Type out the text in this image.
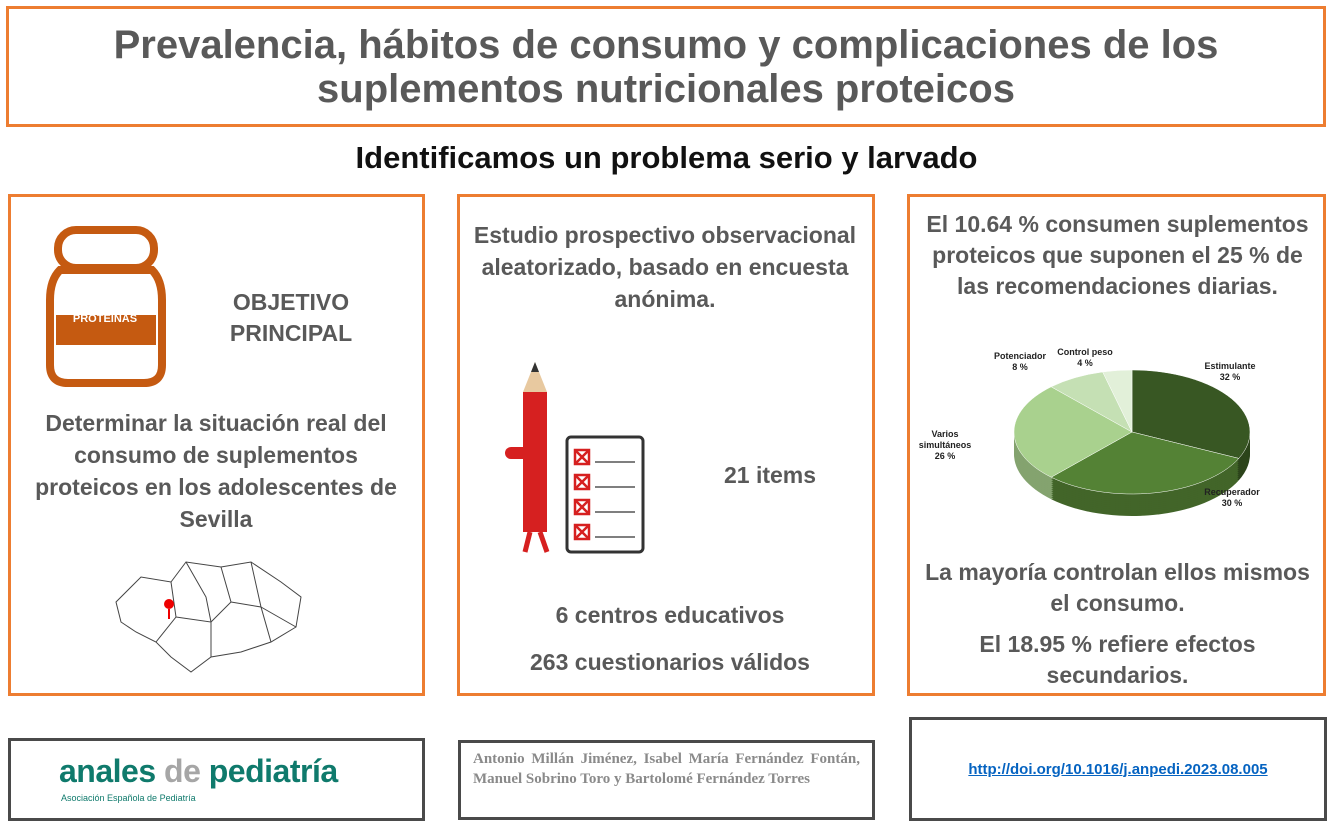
Prevalencia, hábitos de consumo y complicaciones de los suplementos nutricionales proteicos
Identificamos un problema serio y larvado
PROTEINAS
OBJETIVO PRINCIPAL
Determinar la situación real del consumo de suplementos proteicos en los adolescentes de Sevilla
Estudio prospectivo observacional aleatorizado, basado en encuesta anónima.
21 items
6 centros educativos
263 cuestionarios válidos
El 10.64 % consumen suplementos proteicos que suponen el 25 % de las recomendaciones diarias.
Estimulante 32 %
Recuperador 30 %
Varios simultáneos 26 %
Potenciador 8 %
Control peso 4 %
La mayoría controlan ellos mismos el consumo.
El 18.95 % refiere efectos secundarios.
anales de pediatría
Asociación Española de Pediatría
Antonio Millán Jiménez, Isabel María Fernández Fontán, Manuel Sobrino Toro y Bartolomé Fernández Torres
http://doi.org/10.1016/j.anpedi.2023.08.005
